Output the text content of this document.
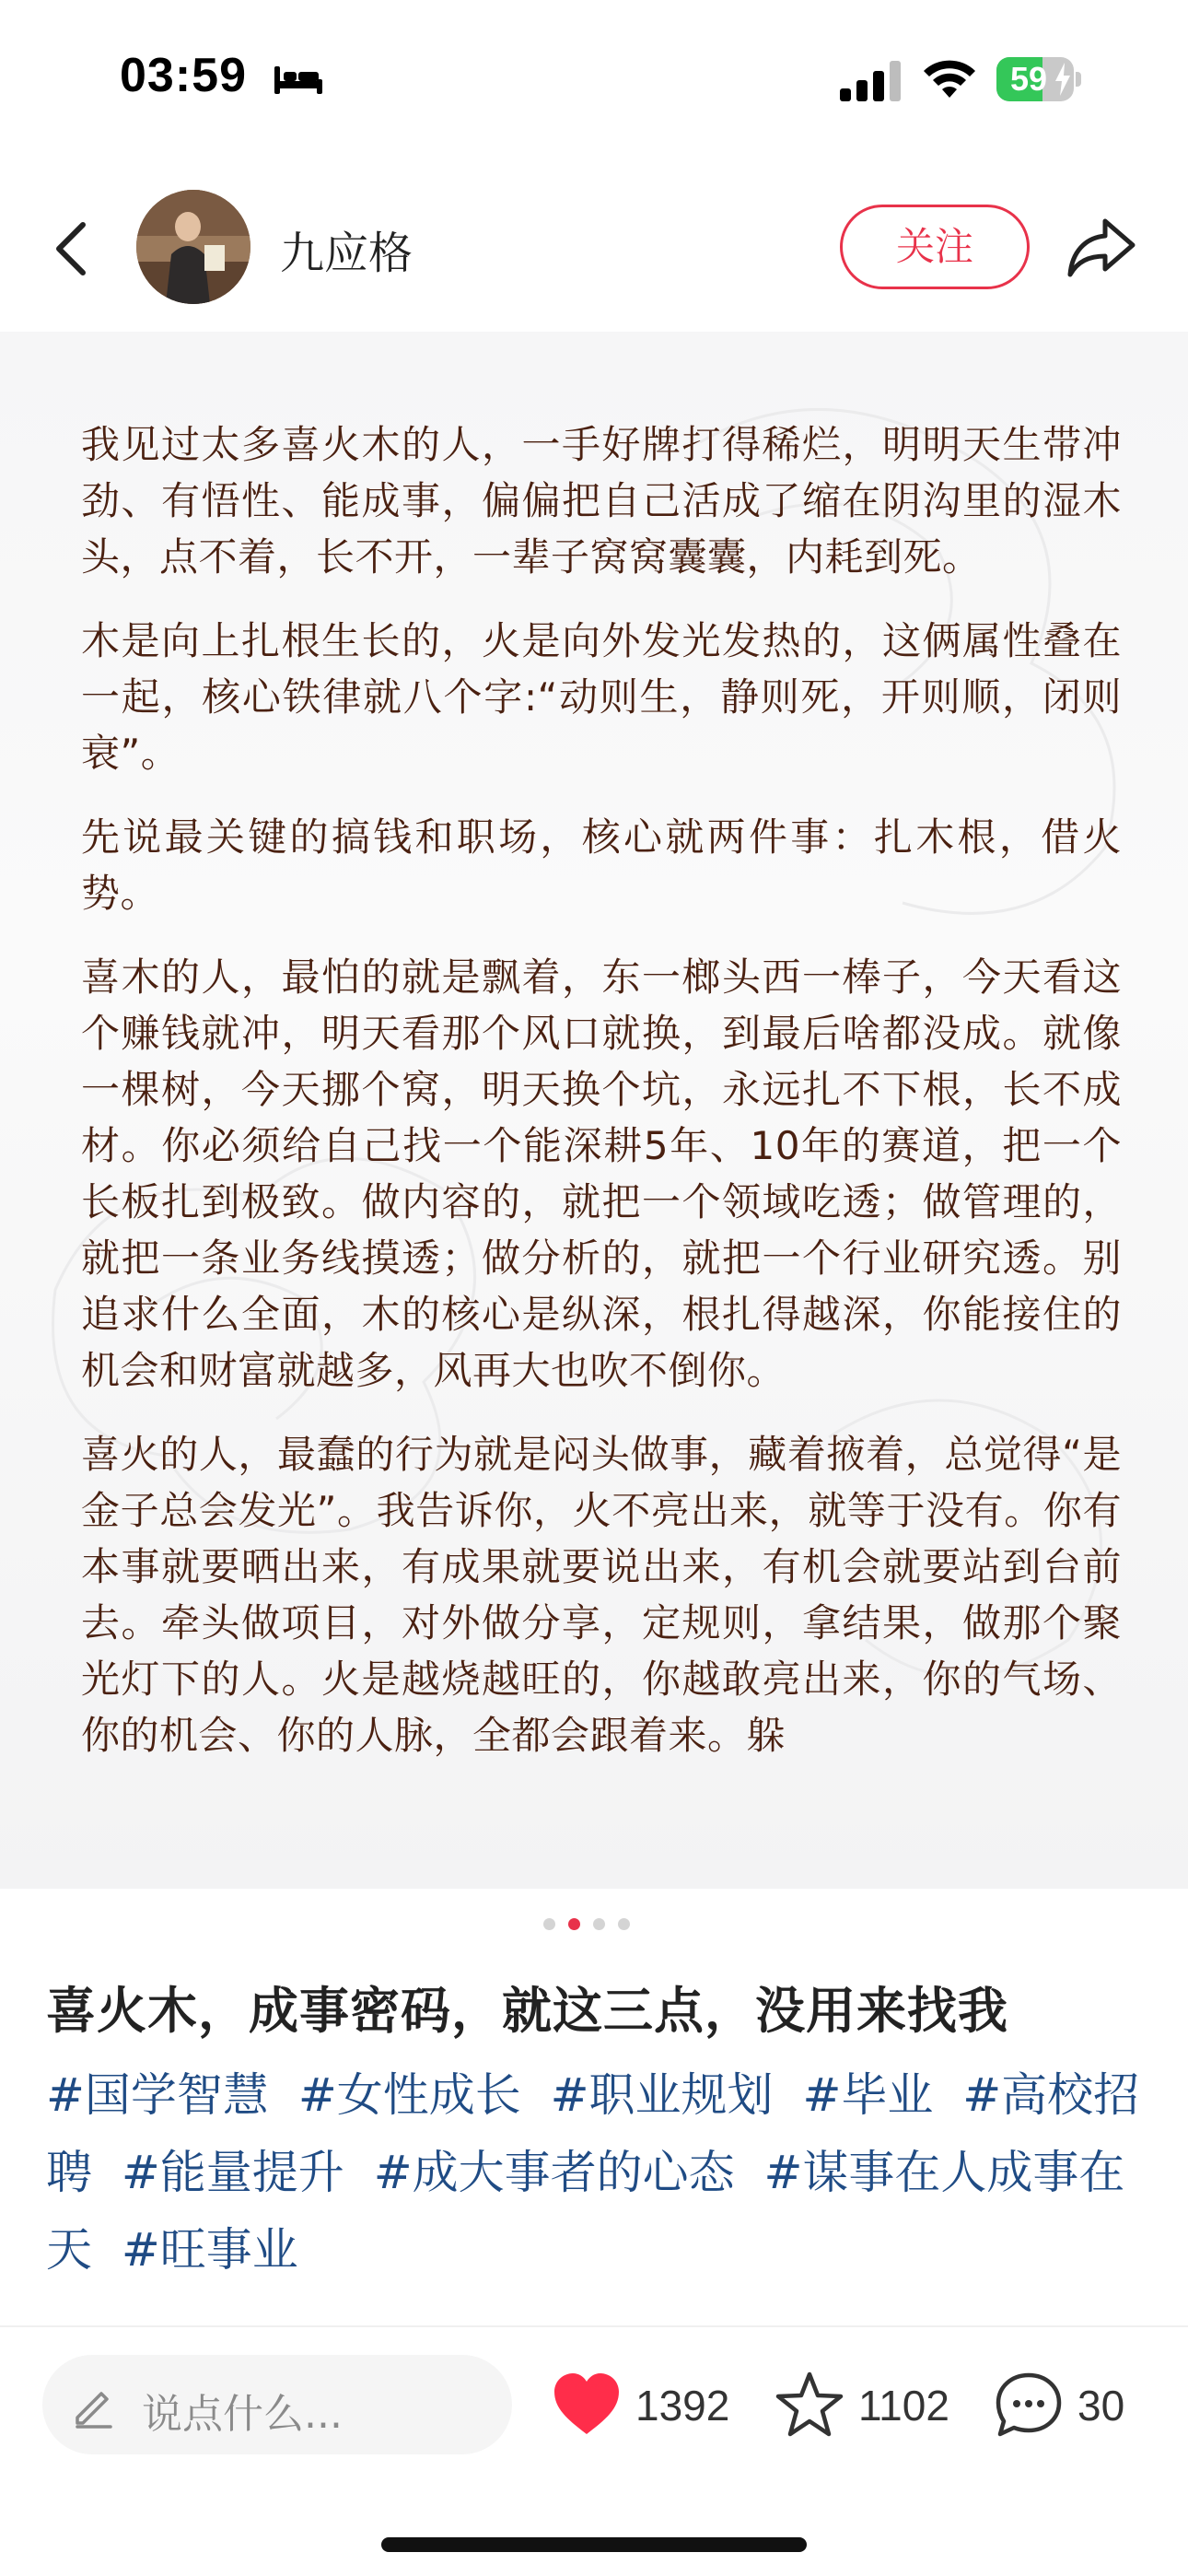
03:59	59
九应格	关注

我见过太多喜火木的人，一手好牌打得稀烂，明明天生带冲劲、有悟性、能成事，偏偏把自己活成了缩在阴沟里的湿木头，点不着，长不开，一辈子窝窝囊囊，内耗到死。

木是向上扎根生长的，火是向外发光发热的，这俩属性叠在一起，核心铁律就八个字:“动则生，静则死，开则顺，闭则衰”。

先说最关键的搞钱和职场，核心就两件事：扎木根，借火势。

喜木的人，最怕的就是飘着，东一榔头西一棒子，今天看这个赚钱就冲，明天看那个风口就换，到最后啥都没成。就像一棵树，今天挪个窝，明天换个坑，永远扎不下根，长不成材。你必须给自己找一个能深耕5年、10年的赛道，把一个长板扎到极致。做内容的，就把一个领域吃透；做管理的，就把一条业务线摸透；做分析的，就把一个行业研究透。别追求什么全面，木的核心是纵深，根扎得越深，你能接住的机会和财富就越多，风再大也吹不倒你。

喜火的人，最蠢的行为就是闷头做事，藏着掖着，总觉得“是金子总会发光”。我告诉你，火不亮出来，就等于没有。你有本事就要晒出来，有成果就要说出来，有机会就要站到台前去。牵头做项目，对外做分享，定规则，拿结果，做那个聚光灯下的人。火是越烧越旺的，你越敢亮出来，你的气场、你的机会、你的人脉，全都会跟着来。躲

喜火木，成事密码，就这三点，没用来找我
#国学智慧 #女性成长 #职业规划 #毕业 #高校招聘 #能量提升 #成大事者的心态 #谋事在人成事在天 #旺事业
说点什么...	1392	1102	30
